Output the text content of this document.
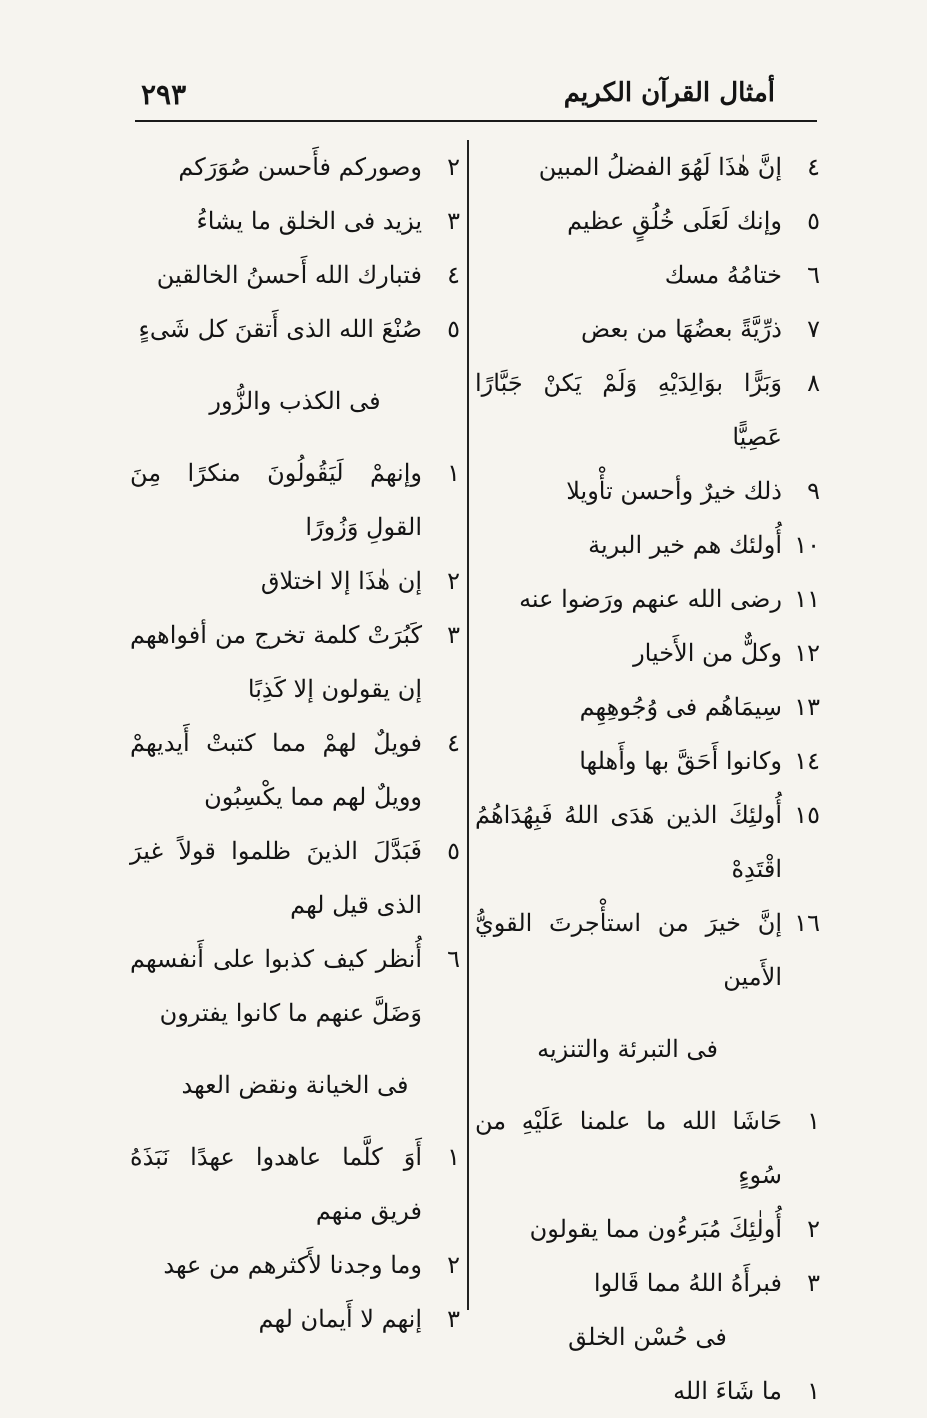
٢٩٣	أمثال القرآن الكريم
٤
إنَّ هٰذَا لَهُوَ الفضلُ المبين
٥
وإنك لَعَلَى خُلُقٍ عظيم
٦
ختامُهُ مسك
٧
ذرِّيَّةً بعضُهَا من بعض
٨
وَبَرًّا بوَالِدَيْهِ وَلَمْ يَكنْ جَبَّارًا عَصِيًّا
٩
ذلك خيرٌ وأحسن تأْويلا
١٠
أُولئك هم خير البرية
١١
رضى الله عنهم ورَضوا عنه
١٢
وكلٌّ من الأَخيار
١٣
سِيمَاهُم فى وُجُوهِهِم
١٤
وكانوا أَحَقَّ بها وأَهلها
١٥
أُولئِكَ الذين هَدَى اللهُ فَبِهُدَاهُمُ اقْتَدِهْ
١٦
إنَّ خيرَ من استأْجرتَ القويُّ الأَمين
فى التبرئة والتنزيه
١
حَاشَا الله ما علمنا عَلَيْهِ من سُوءٍ
٢
أُولٰئِكَ مُبَرءُون مما يقولون
٣
فبرأَهُ اللهُ مما قَالوا
فى حُسْن الخلق
١
ما شَاءَ الله
٢
وصوركم فأَحسن صُوَرَكم
٣
يزيد فى الخلق ما يشاءُ
٤
فتبارك الله أَحسنُ الخالقين
٥
صُنْعَ الله الذى أَتقنَ كل شَىءٍ
فى الكذب والزُّور
١
وإنهمْ لَيَقُولُونَ منكرًا مِنَ القولِ وَزُورًا
٢
إن هٰذَا إلا اختلاق
٣
كَبُرَتْ كلمة تخرج من أفواههم إن يقولون إلا كَذِبًا
٤
فويلٌ لهمْ مما كتبتْ أَيديهمْ وويلٌ لهم مما يكْسِبُون
٥
فَبَدَّلَ الذينَ ظلموا قولاً غيرَ الذى قيل لهم
٦
أُنظر كيف كذبوا على أَنفسهم وَضَلَّ عنهم ما كانوا يفترون
فى الخيانة ونقض العهد
١
أَوَ كلَّما عاهدوا عهدًا نَبَذَهُ فريق منهم
٢
وما وجدنا لأَكثرهم من عهد
٣
إنهم لا أَيمان لهم
